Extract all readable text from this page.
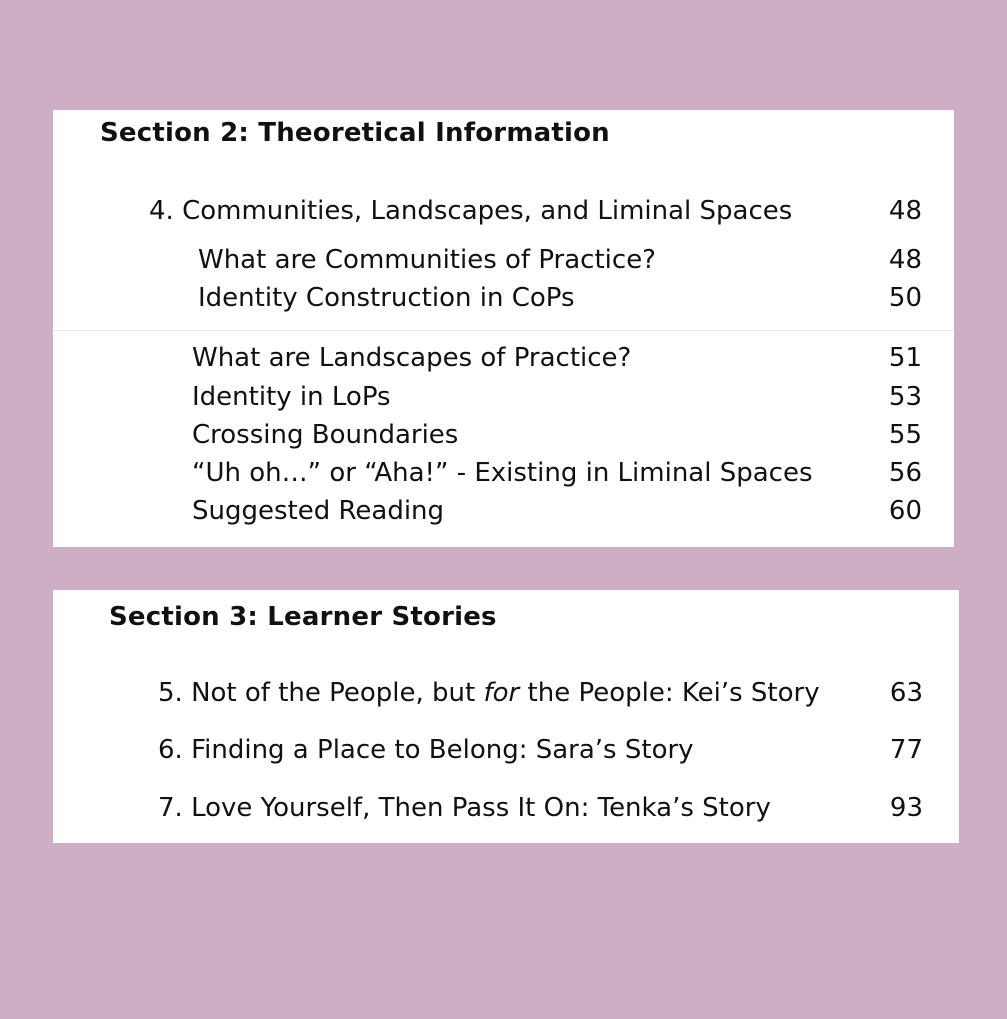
Section 2: Theoretical Information
4. Communities, Landscapes, and Liminal Spaces	48
What are Communities of Practice?	48
Identity Construction in CoPs	50
What are Landscapes of Practice?	51
Identity in LoPs	53
Crossing Boundaries	55
“Uh oh…” or “Aha!” - Existing in Liminal Spaces	56
Suggested Reading	60
Section 3: Learner Stories
5. Not of the People, but for the People: Kei’s Story	63
6. Finding a Place to Belong: Sara’s Story	77
7. Love Yourself, Then Pass It On: Tenka’s Story	93
